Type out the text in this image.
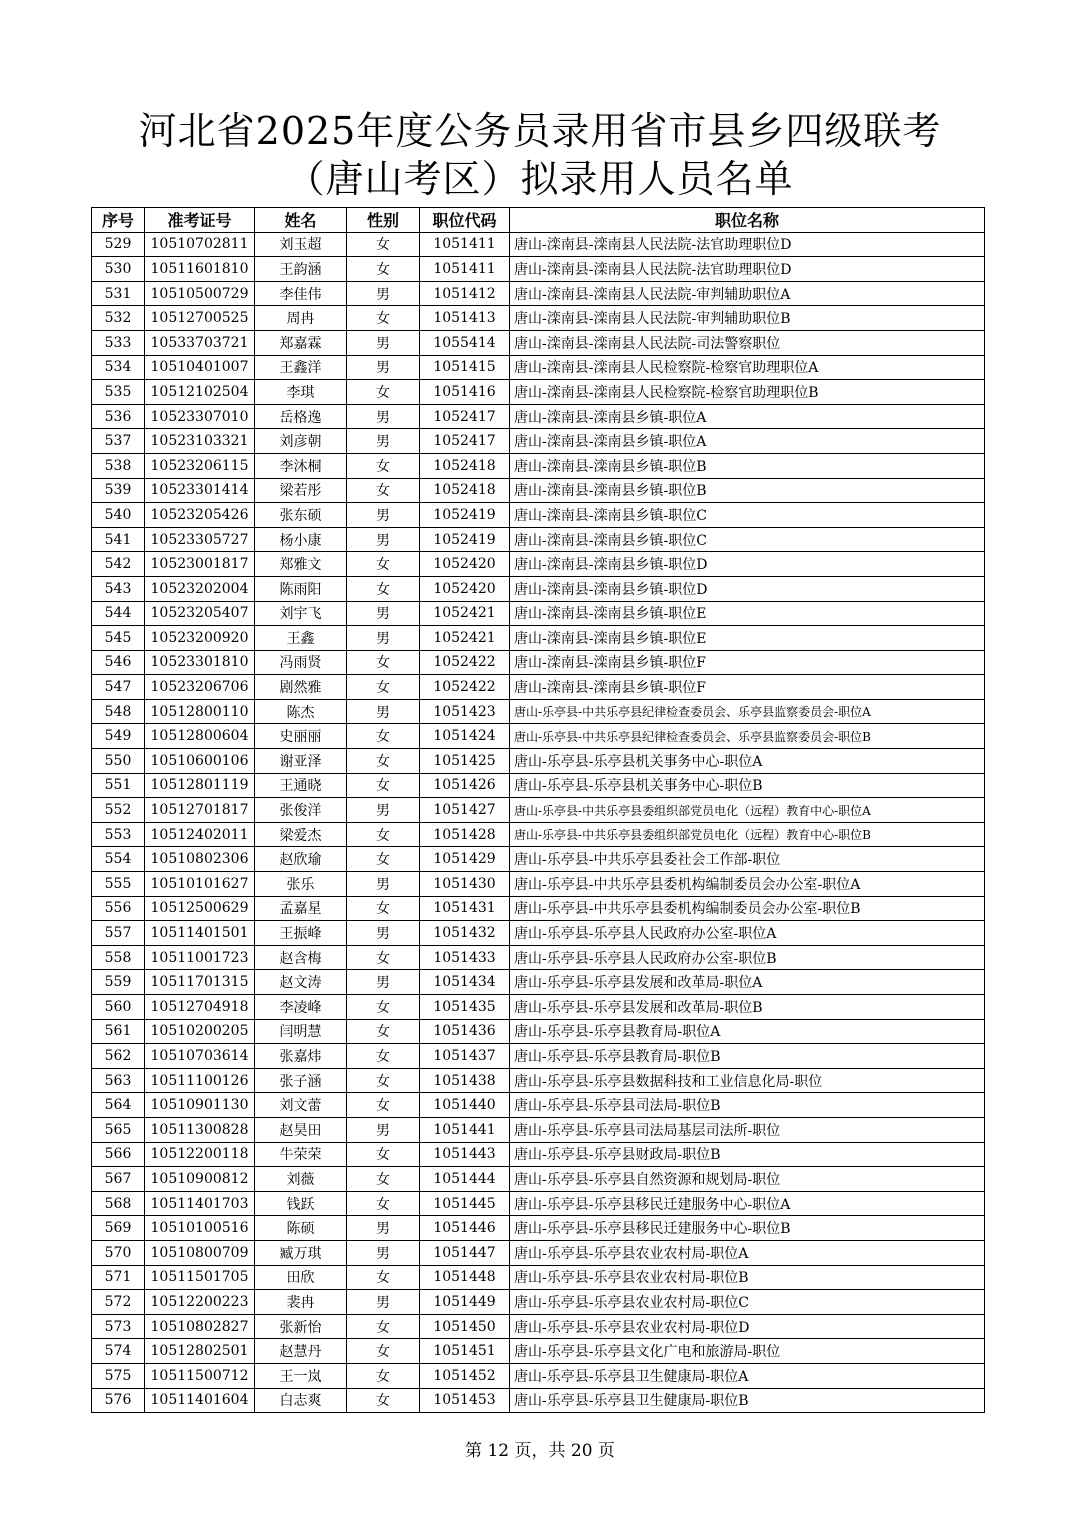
河北省2025年度公务员录用省市县乡四级联考
（唐山考区）拟录用人员名单
序号	准考证号	姓名	性别	职位代码	职位名称
529	10510702811	刘玉超	女	1051411	唐山-滦南县-滦南县人民法院-法官助理职位D
530	10511601810	王韵涵	女	1051411	唐山-滦南县-滦南县人民法院-法官助理职位D
531	10510500729	李佳伟	男	1051412	唐山-滦南县-滦南县人民法院-审判辅助职位A
532	10512700525	周冉	女	1051413	唐山-滦南县-滦南县人民法院-审判辅助职位B
533	10533703721	郑嘉霖	男	1055414	唐山-滦南县-滦南县人民法院-司法警察职位
534	10510401007	王鑫洋	男	1051415	唐山-滦南县-滦南县人民检察院-检察官助理职位A
535	10512102504	李琪	女	1051416	唐山-滦南县-滦南县人民检察院-检察官助理职位B
536	10523307010	岳格逸	男	1052417	唐山-滦南县-滦南县乡镇-职位A
537	10523103321	刘彦朝	男	1052417	唐山-滦南县-滦南县乡镇-职位A
538	10523206115	李沐桐	女	1052418	唐山-滦南县-滦南县乡镇-职位B
539	10523301414	梁若彤	女	1052418	唐山-滦南县-滦南县乡镇-职位B
540	10523205426	张东硕	男	1052419	唐山-滦南县-滦南县乡镇-职位C
541	10523305727	杨小康	男	1052419	唐山-滦南县-滦南县乡镇-职位C
542	10523001817	郑雅文	女	1052420	唐山-滦南县-滦南县乡镇-职位D
543	10523202004	陈雨阳	女	1052420	唐山-滦南县-滦南县乡镇-职位D
544	10523205407	刘宇飞	男	1052421	唐山-滦南县-滦南县乡镇-职位E
545	10523200920	王鑫	男	1052421	唐山-滦南县-滦南县乡镇-职位E
546	10523301810	冯雨贤	女	1052422	唐山-滦南县-滦南县乡镇-职位F
547	10523206706	剧然雅	女	1052422	唐山-滦南县-滦南县乡镇-职位F
548	10512800110	陈杰	男	1051423	唐山-乐亭县-中共乐亭县纪律检查委员会、乐亭县监察委员会-职位A
549	10512800604	史丽丽	女	1051424	唐山-乐亭县-中共乐亭县纪律检查委员会、乐亭县监察委员会-职位B
550	10510600106	谢亚泽	女	1051425	唐山-乐亭县-乐亭县机关事务中心-职位A
551	10512801119	王通晓	女	1051426	唐山-乐亭县-乐亭县机关事务中心-职位B
552	10512701817	张俊洋	男	1051427	唐山-乐亭县-中共乐亭县委组织部党员电化（远程）教育中心-职位A
553	10512402011	梁爱杰	女	1051428	唐山-乐亭县-中共乐亭县委组织部党员电化（远程）教育中心-职位B
554	10510802306	赵欣瑜	女	1051429	唐山-乐亭县-中共乐亭县委社会工作部-职位
555	10510101627	张乐	男	1051430	唐山-乐亭县-中共乐亭县委机构编制委员会办公室-职位A
556	10512500629	孟嘉星	女	1051431	唐山-乐亭县-中共乐亭县委机构编制委员会办公室-职位B
557	10511401501	王振峰	男	1051432	唐山-乐亭县-乐亭县人民政府办公室-职位A
558	10511001723	赵含梅	女	1051433	唐山-乐亭县-乐亭县人民政府办公室-职位B
559	10511701315	赵文涛	男	1051434	唐山-乐亭县-乐亭县发展和改革局-职位A
560	10512704918	李凌峰	女	1051435	唐山-乐亭县-乐亭县发展和改革局-职位B
561	10510200205	闫明慧	女	1051436	唐山-乐亭县-乐亭县教育局-职位A
562	10510703614	张嘉炜	女	1051437	唐山-乐亭县-乐亭县教育局-职位B
563	10511100126	张子涵	女	1051438	唐山-乐亭县-乐亭县数据科技和工业信息化局-职位
564	10510901130	刘文蕾	女	1051440	唐山-乐亭县-乐亭县司法局-职位B
565	10511300828	赵昊田	男	1051441	唐山-乐亭县-乐亭县司法局基层司法所-职位
566	10512200118	牛荣荣	女	1051443	唐山-乐亭县-乐亭县财政局-职位B
567	10510900812	刘薇	女	1051444	唐山-乐亭县-乐亭县自然资源和规划局-职位
568	10511401703	钱跃	女	1051445	唐山-乐亭县-乐亭县移民迁建服务中心-职位A
569	10510100516	陈硕	男	1051446	唐山-乐亭县-乐亭县移民迁建服务中心-职位B
570	10510800709	臧万琪	男	1051447	唐山-乐亭县-乐亭县农业农村局-职位A
571	10511501705	田欣	女	1051448	唐山-乐亭县-乐亭县农业农村局-职位B
572	10512200223	裴冉	男	1051449	唐山-乐亭县-乐亭县农业农村局-职位C
573	10510802827	张新怡	女	1051450	唐山-乐亭县-乐亭县农业农村局-职位D
574	10512802501	赵慧丹	女	1051451	唐山-乐亭县-乐亭县文化广电和旅游局-职位
575	10511500712	王一岚	女	1051452	唐山-乐亭县-乐亭县卫生健康局-职位A
576	10511401604	白志爽	女	1051453	唐山-乐亭县-乐亭县卫生健康局-职位B
第 12 页，共 20 页
